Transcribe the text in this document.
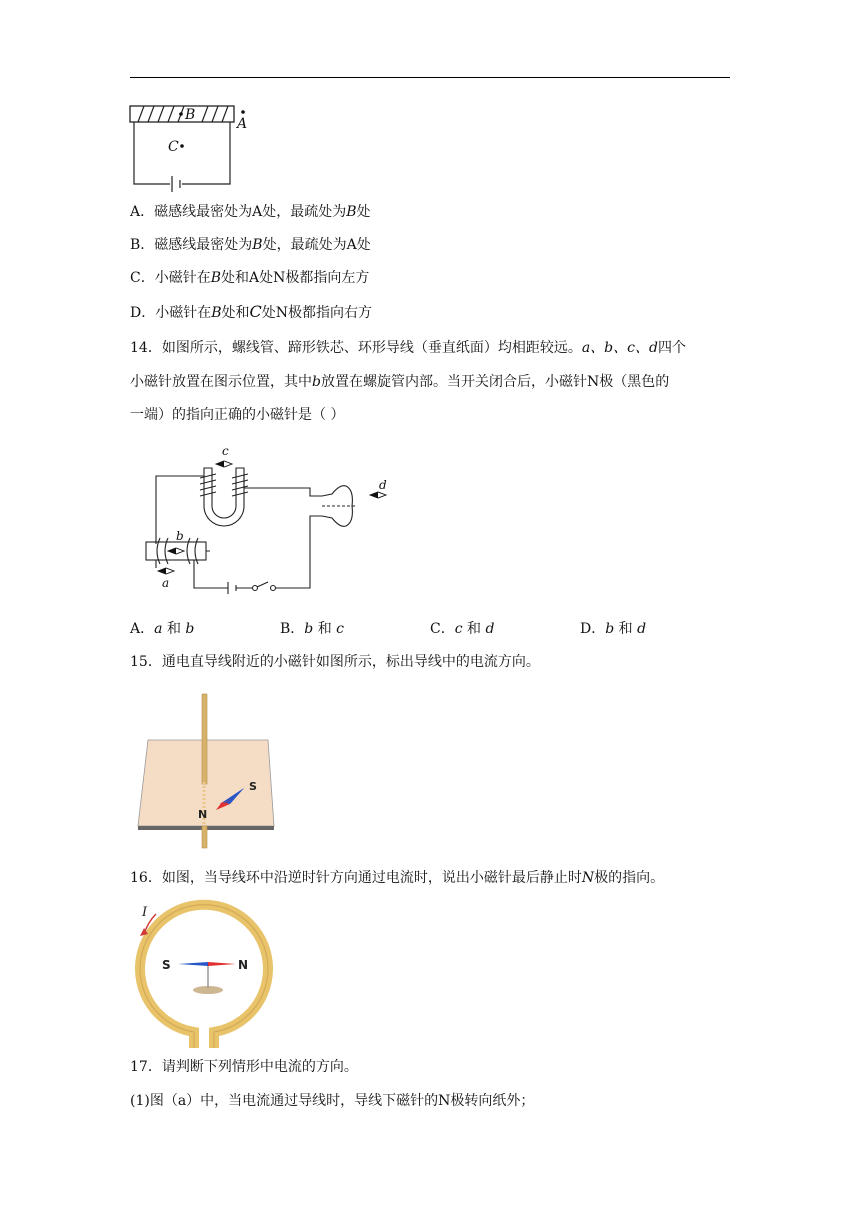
B
A
C
A．磁感线最密处为A处，最疏处为B处
B．磁感线最密处为B处，最疏处为A处
C．小磁针在B处和A处N极都指向左方
D．小磁针在B处和C处N极都指向右方
14．如图所示，螺线管、蹄形铁芯、环形导线（垂直纸面）均相距较远。a、b、c、d四个
小磁针放置在图示位置，其中b放置在螺旋管内部。当开关闭合后，小磁针N极（黑色的
一端）的指向正确的小磁针是（ ）
c
d
b
a
A．a 和 b	B．b 和 c	C．c 和 d	D．b 和 d
15．通电直导线附近的小磁针如图所示，标出导线中的电流方向。
S
N
16．如图，当导线环中沿逆时针方向通过电流时，说出小磁针最后静止时N极的指向。
I
S	N
17．请判断下列情形中电流的方向。
(1)图（a）中，当电流通过导线时，导线下磁针的N极转向纸外；
